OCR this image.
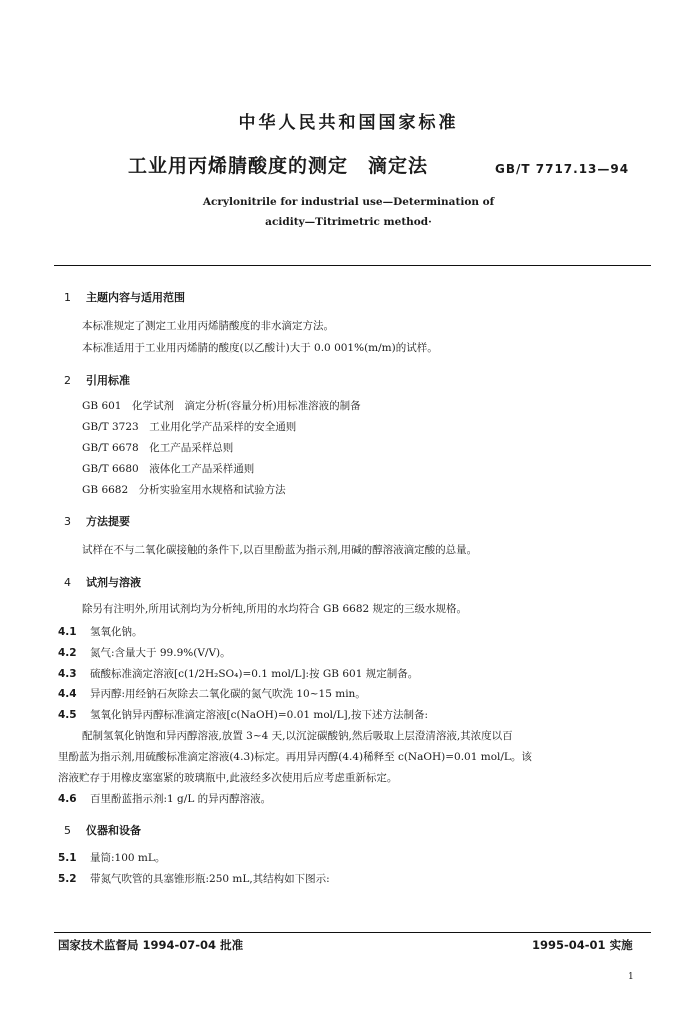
中华人民共和国国家标准
工业用丙烯腈酸度的测定　滴定法	GB/T 7717.13—94
Acrylonitrile for industrial use—Determination of
acidity—Titrimetric method·
1 主题内容与适用范围
本标准规定了测定工业用丙烯腈酸度的非水滴定方法。
本标准适用于工业用丙烯腈的酸度(以乙酸计)大于 0.0 001%(m/m)的试样。
2 引用标准
GB 601　化学试剂　滴定分析(容量分析)用标准溶液的制备
GB/T 3723　工业用化学产品采样的安全通则
GB/T 6678　化工产品采样总则
GB/T 6680　液体化工产品采样通则
GB 6682　分析实验室用水规格和试验方法
3 方法提要
试样在不与二氧化碳接触的条件下,以百里酚蓝为指示剂,用碱的醇溶液滴定酸的总量。
4 试剂与溶液
除另有注明外,所用试剂均为分析纯,所用的水均符合 GB 6682 规定的三级水规格。
4.1 氢氧化钠。
4.2 氮气:含量大于 99.9%(V/V)。
4.3 硫酸标准滴定溶液[c(1/2H₂SO₄)=0.1 mol/L]:按 GB 601 规定制备。
4.4 异丙醇:用经钠石灰除去二氧化碳的氮气吹洗 10~15 min。
4.5 氢氧化钠异丙醇标准滴定溶液[c(NaOH)=0.01 mol/L],按下述方法制备:
配制氢氧化钠饱和异丙醇溶液,放置 3~4 天,以沉淀碳酸钠,然后吸取上层澄清溶液,其浓度以百
里酚蓝为指示剂,用硫酸标准滴定溶液(4.3)标定。再用异丙醇(4.4)稀释至 c(NaOH)=0.01 mol/L。该
溶液贮存于用橡皮塞塞紧的玻璃瓶中,此液经多次使用后应考虑重新标定。
4.6 百里酚蓝指示剂:1 g/L 的异丙醇溶液。
5 仪器和设备
5.1 量筒:100 mL。
5.2 带氮气吹管的具塞锥形瓶:250 mL,其结构如下图示:
国家技术监督局 1994-07-04 批准	1995-04-01 实施
1
